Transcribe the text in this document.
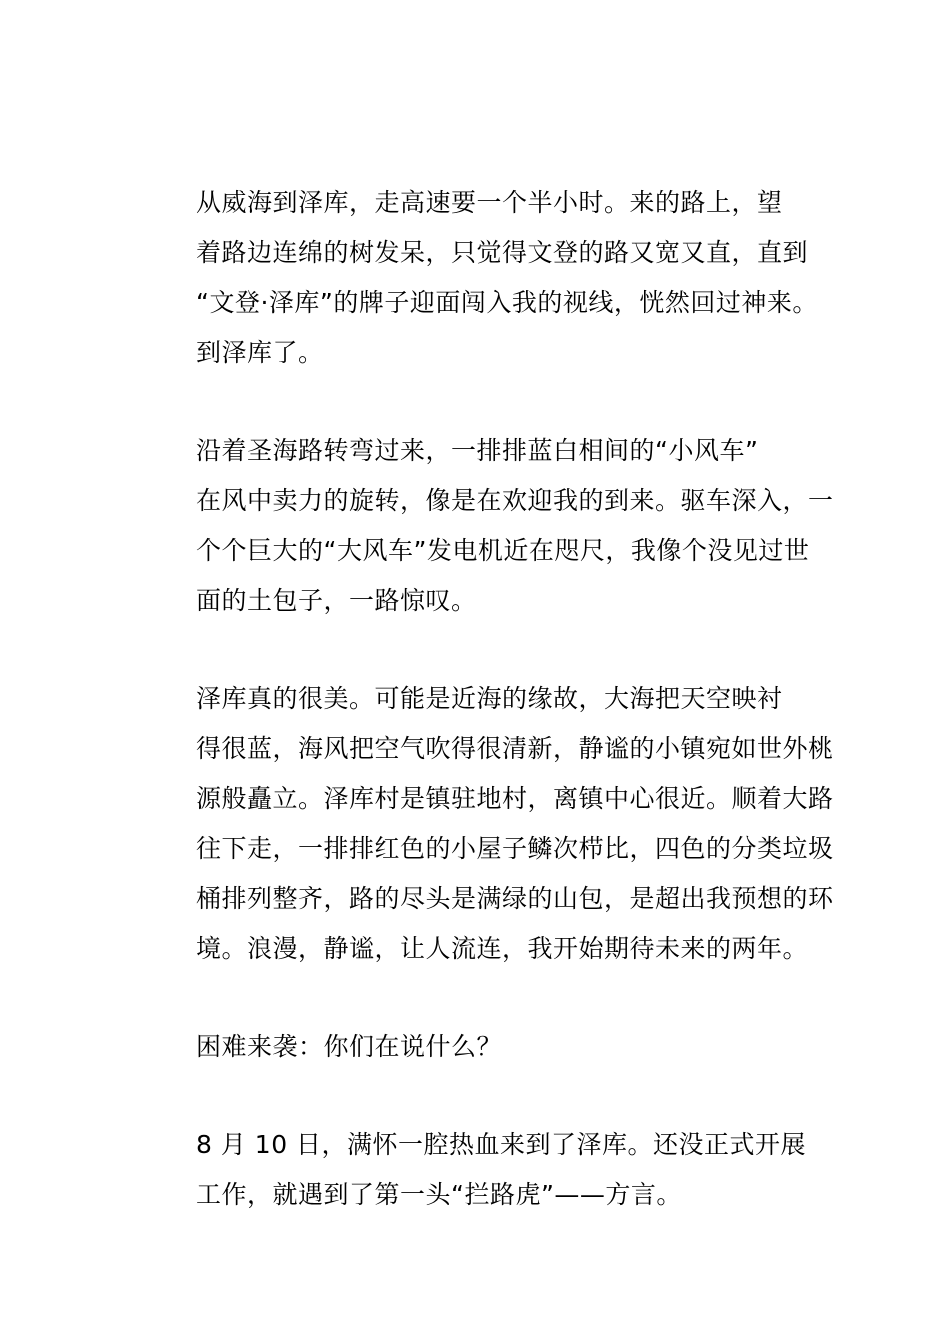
从威海到泽库，走高速要一个半小时。来的路上，望
着路边连绵的树发呆，只觉得文登的路又宽又直，直到
“文登·泽库”的牌子迎面闯入我的视线，恍然回过神来。
到泽库了。

沿着圣海路转弯过来，一排排蓝白相间的“小风车”
在风中卖力的旋转，像是在欢迎我的到来。驱车深入，一
个个巨大的“大风车”发电机近在咫尺，我像个没见过世
面的土包子，一路惊叹。

泽库真的很美。可能是近海的缘故，大海把天空映衬
得很蓝，海风把空气吹得很清新，静谧的小镇宛如世外桃
源般矗立。泽库村是镇驻地村，离镇中心很近。顺着大路
往下走，一排排红色的小屋子鳞次栉比，四色的分类垃圾
桶排列整齐，路的尽头是满绿的山包，是超出我预想的环
境。浪漫，静谧，让人流连，我开始期待未来的两年。

困难来袭：你们在说什么？

8 月 10 日，满怀一腔热血来到了泽库。还没正式开展
工作，就遇到了第一头“拦路虎”——方言。
